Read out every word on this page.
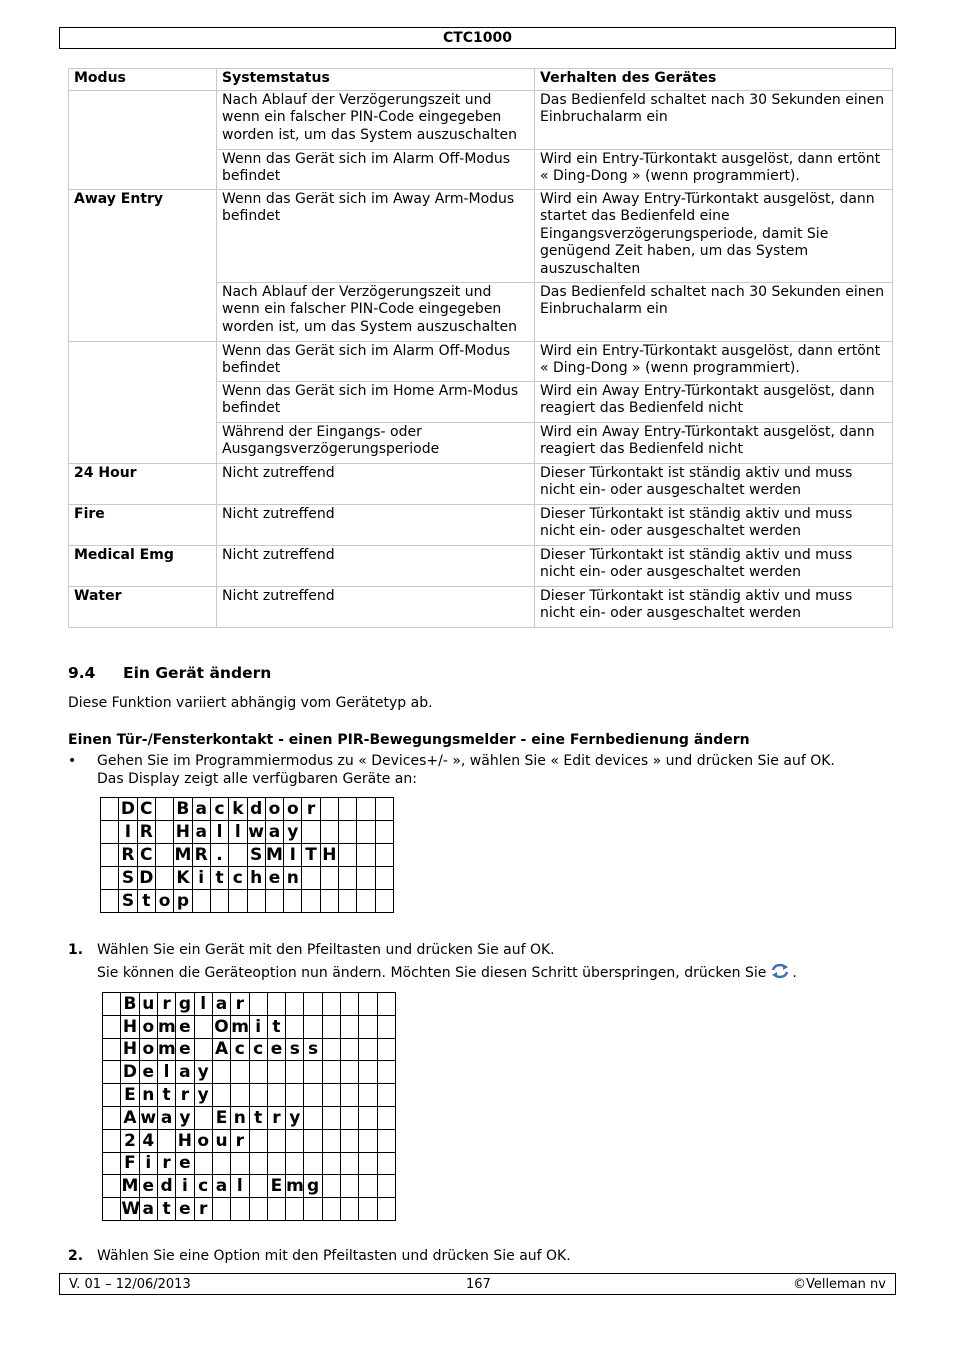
CTC1000
Modus	Systemstatus	Verhalten des Gerätes
	Nach Ablauf der Verzögerungszeit und wenn ein falscher PIN-Code eingegeben worden ist, um das System auszuschalten	Das Bedienfeld schaltet nach 30 Sekunden einen Einbruchalarm ein
	Wenn das Gerät sich im Alarm Off-Modus befindet	Wird ein Entry-Türkontakt ausgelöst, dann ertönt « Ding-Dong » (wenn programmiert).
Away Entry	Wenn das Gerät sich im Away Arm-Modus befindet	Wird ein Away Entry-Türkontakt ausgelöst, dann startet das Bedienfeld eine Eingangsverzögerungsperiode, damit Sie genügend Zeit haben, um das System auszuschalten
	Nach Ablauf der Verzögerungszeit und wenn ein falscher PIN-Code eingegeben worden ist, um das System auszuschalten	Das Bedienfeld schaltet nach 30 Sekunden einen Einbruchalarm ein
	Wenn das Gerät sich im Alarm Off-Modus befindet	Wird ein Entry-Türkontakt ausgelöst, dann ertönt « Ding-Dong » (wenn programmiert).
	Wenn das Gerät sich im Home Arm-Modus befindet	Wird ein Away Entry-Türkontakt ausgelöst, dann reagiert das Bedienfeld nicht
	Während der Eingangs- oder Ausgangsverzögerungsperiode	Wird ein Away Entry-Türkontakt ausgelöst, dann reagiert das Bedienfeld nicht
24 Hour	Nicht zutreffend	Dieser Türkontakt ist ständig aktiv und muss nicht ein- oder ausgeschaltet werden
Fire	Nicht zutreffend	Dieser Türkontakt ist ständig aktiv und muss nicht ein- oder ausgeschaltet werden
Medical Emg	Nicht zutreffend	Dieser Türkontakt ist ständig aktiv und muss nicht ein- oder ausgeschaltet werden
Water	Nicht zutreffend	Dieser Türkontakt ist ständig aktiv und muss nicht ein- oder ausgeschaltet werden
9.4 Ein Gerät ändern
Diese Funktion variiert abhängig vom Gerätetyp ab.
Einen Tür-/Fensterkontakt - einen PIR-Bewegungsmelder - eine Fernbedienung ändern
• Gehen Sie im Programmiermodus zu « Devices+/- », wählen Sie « Edit devices » und drücken Sie auf OK.
Das Display zeigt alle verfügbaren Geräte an:
	D	C		B	a	c	k	d	o	o	r				
	I	R		H	a	l	l	w	a	y					
	R	C		M	R	.		S	M	I	T	H			
	S	D		K	i	t	c	h	e	n					
	S	t	o	p											
1. Wählen Sie ein Gerät mit den Pfeiltasten und drücken Sie auf OK.
Sie können die Geräteoption nun ändern. Möchten Sie diesen Schritt überspringen, drücken Sie .
	B	u	r	g	l	a	r								
	H	o	m	e		O	m	i	t						
	H	o	m	e		A	c	c	e	s	s				
	D	e	l	a	y										
	E	n	t	r	y										
	A	w	a	y		E	n	t	r	y					
	2	4		H	o	u	r								
	F	i	r	e											
	M	e	d	i	c	a	l		E	m	g				
	W	a	t	e	r										
2. Wählen Sie eine Option mit den Pfeiltasten und drücken Sie auf OK.
V. 01 – 12/06/2013	167	©Velleman nv
